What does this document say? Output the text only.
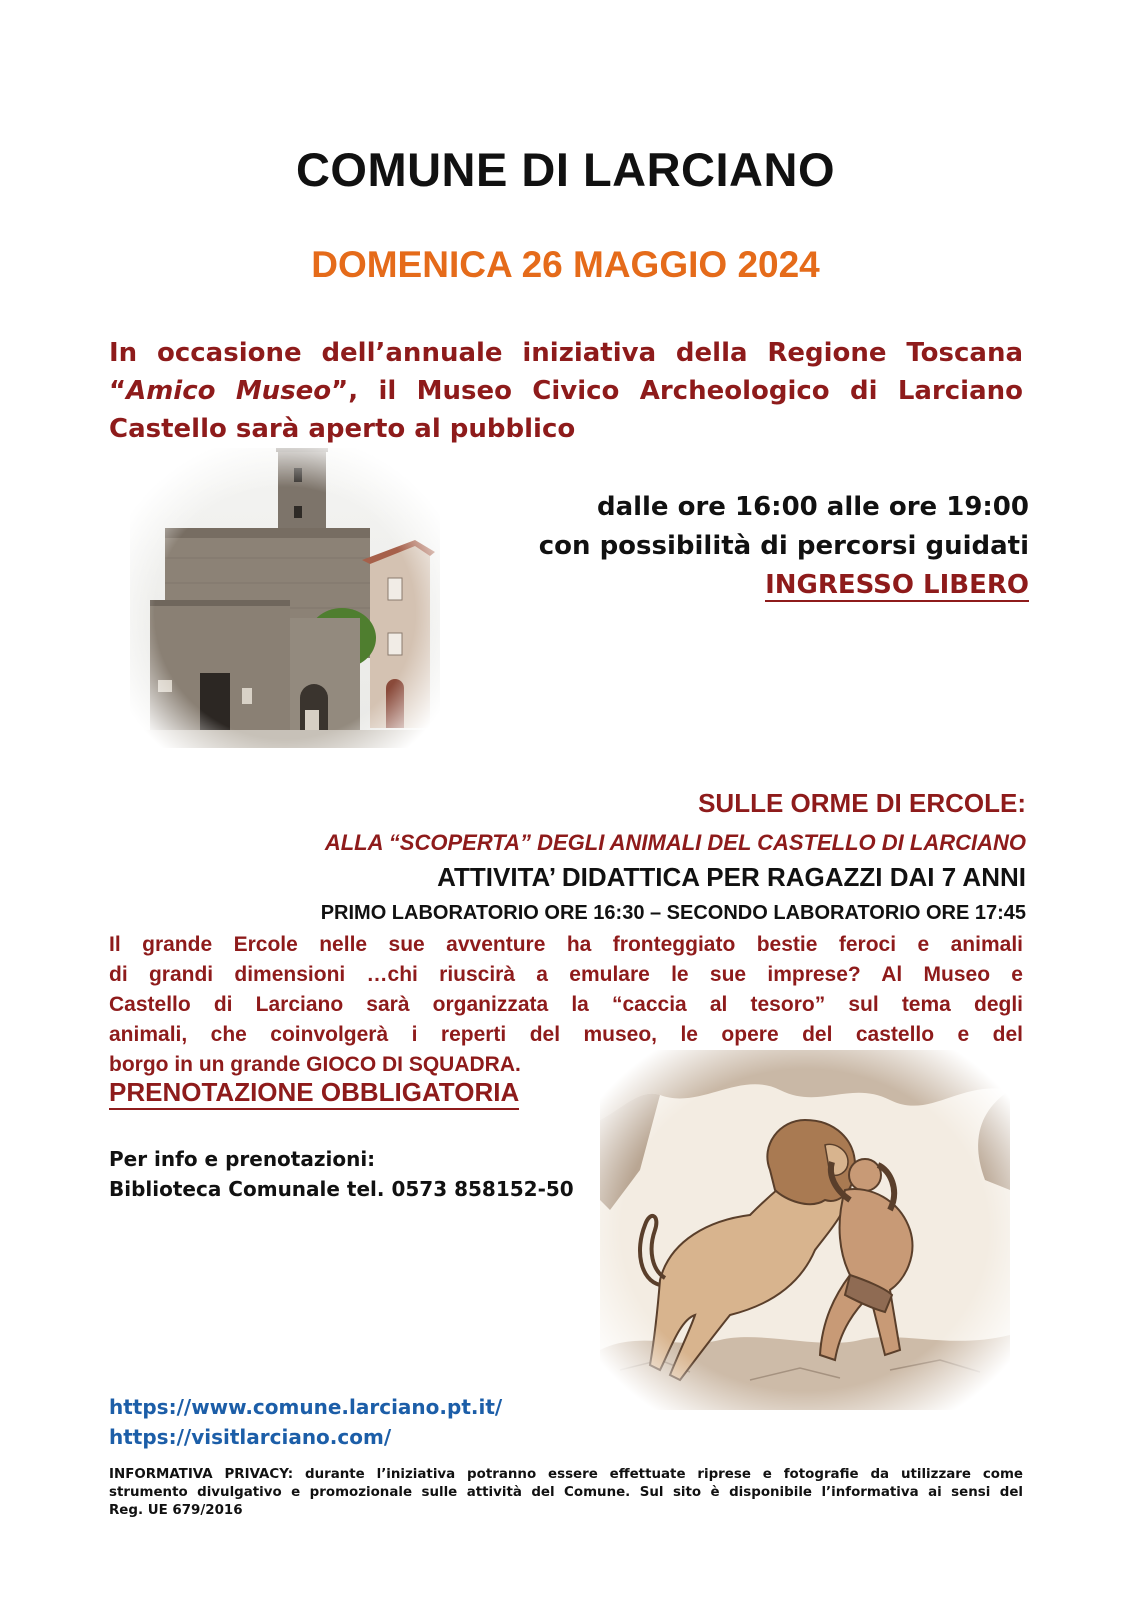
COMUNE DI LARCIANO
DOMENICA 26 MAGGIO 2024
In occasione dell’annuale iniziativa della Regione Toscana
“Amico Museo”, il Museo Civico Archeologico di Larciano
Castello sarà aperto al pubblico
dalle ore 16:00 alle ore 19:00
con possibilità di percorsi guidati
INGRESSO LIBERO
SULLE ORME DI ERCOLE:
ALLA “SCOPERTA” DEGLI ANIMALI DEL CASTELLO DI LARCIANO
ATTIVITA’ DIDATTICA PER RAGAZZI DAI 7 ANNI
PRIMO LABORATORIO ORE 16:30 – SECONDO LABORATORIO ORE 17:45
Il grande Ercole nelle sue avventure ha fronteggiato bestie feroci e animali
di grandi dimensioni …chi riuscirà a emulare le sue imprese? Al Museo e
Castello di Larciano sarà organizzata la “caccia al tesoro” sul tema degli
animali, che coinvolgerà i reperti del museo, le opere del castello e del
borgo in un grande GIOCO DI SQUADRA.
PRENOTAZIONE OBBLIGATORIA
Per info e prenotazioni:
Biblioteca Comunale tel. 0573 858152-50
https://www.comune.larciano.pt.it/
https://visitlarciano.com/
INFORMATIVA PRIVACY: durante l’iniziativa potranno essere effettuate riprese e fotografie da utilizzare come
strumento divulgativo e promozionale sulle attività del Comune. Sul sito è disponibile l’informativa ai sensi del
Reg. UE 679/2016
